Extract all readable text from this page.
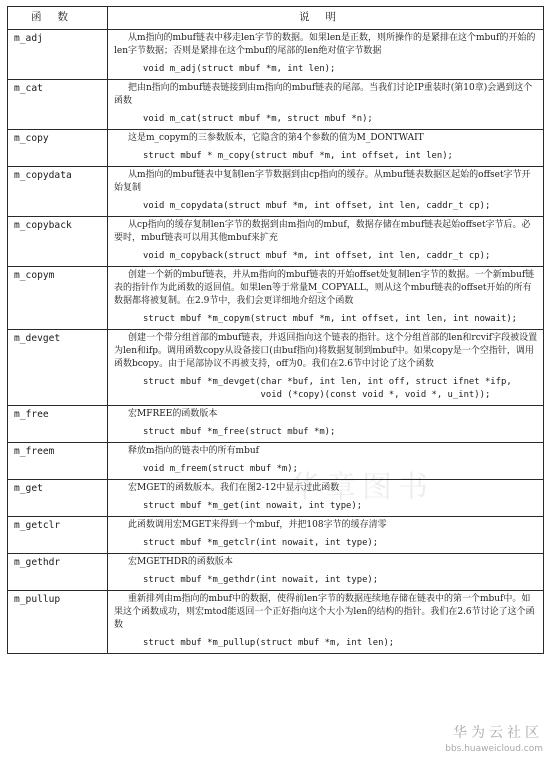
函数	说明
m_adj	从m指向的mbuf链表中移走len字节的数据。如果len是正数，则所操作的是紧排在这个mbuf的开始的len字节数据；否则是紧排在这个mbuf的尾部的len绝对值字节数据

void m_adj(struct mbuf *m, int len);

m_cat	把由n指向的mbuf链表链接到由m指向的mbuf链表的尾部。当我们讨论IP重装时(第10章)会遇到这个函数

void m_cat(struct mbuf *m, struct mbuf *n);

m_copy	这是m_copym的三参数版本，它隐含的第4个参数的值为M_DONTWAIT

struct mbuf * m_copy(struct mbuf *m, int offset, int len);

m_copydata	从m指向的mbuf链表中复制len字节数据到由cp指向的缓存。从mbuf链表数据区起始的offset字节开始复制

void m_copydata(struct mbuf *m, int offset, int len, caddr_t cp);

m_copyback	从cp指向的缓存复制len字节的数据到由m指向的mbuf，数据存储在mbuf链表起始offset字节后。必要时，mbuf链表可以用其他mbuf来扩充

void m_copyback(struct mbuf *m, int offset, int len, caddr_t cp);

m_copym	创建一个新的mbuf链表，并从m指向的mbuf链表的开始offset处复制len字节的数据。一个新mbuf链表的指针作为此函数的返回值。如果len等于常量M_COPYALL，则从这个mbuf链表的offset开始的所有数据都将被复制。在2.9节中，我们会更详细地介绍这个函数

struct mbuf *m_copym(struct mbuf *m, int offset, int len, int nowait);

m_devget	创建一个带分组首部的mbuf链表，并返回指向这个链表的指针。这个分组首部的len和rcvif字段被设置为len和ifp。调用函数copy从设备接口(由buf指向)将数据复制到mbuf中。如果copy是一个空指针，调用函数bcopy。由于尾部协议不再被支持，off为0。我们在2.6节中讨论了这个函数

struct mbuf *m_devget(char *buf, int len, int off, struct ifnet *ifp,
void (*copy)(const void *, void *, u_int));

m_free	宏MFREE的函数版本

struct mbuf *m_free(struct mbuf *m);

m_freem	释放m指向的链表中的所有mbuf

void m_freem(struct mbuf *m);

m_get	宏MGET的函数版本。我们在图2-12中显示过此函数

struct mbuf *m_get(int nowait, int type);

m_getclr	此函数调用宏MGET来得到一个mbuf，并把108字节的缓存清零

struct mbuf *m_getclr(int nowait, int type);

m_gethdr	宏MGETHDR的函数版本

struct mbuf *m_gethdr(int nowait, int type);

m_pullup	重新排列由m指向的mbuf中的数据，使得前len字节的数据连续地存储在链表中的第一个mbuf中。如果这个函数成功，则宏mtod能返回一个正好指向这个大小为len的结构的指针。我们在2.6节讨论了这个函数

struct mbuf *m_pullup(struct mbuf *m, int len);
华章图书
华为云社区
bbs.huaweicloud.com
